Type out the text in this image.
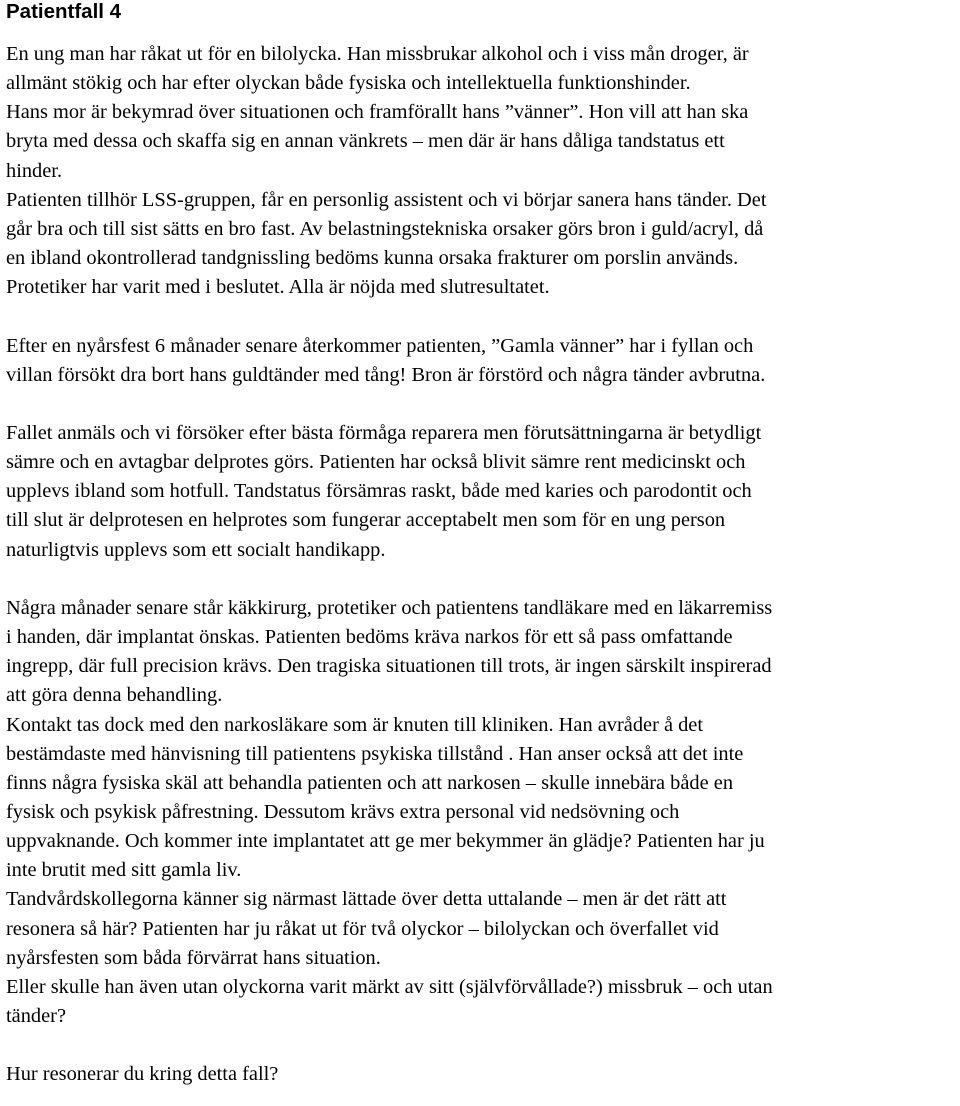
Patientfall 4
En ung man har råkat ut för en bilolycka. Han missbrukar alkohol och i viss mån droger, är
allmänt stökig och har efter olyckan både fysiska och intellektuella funktionshinder.
Hans mor är bekymrad över situationen och framförallt hans ”vänner”. Hon vill att han ska
bryta med dessa och skaffa sig en annan vänkrets – men där är hans dåliga tandstatus ett
hinder.
Patienten tillhör LSS-gruppen, får en personlig assistent och vi börjar sanera hans tänder. Det
går bra och till sist sätts en bro fast. Av belastningstekniska orsaker görs bron i guld/acryl, då
en ibland okontrollerad tandgnissling bedöms kunna orsaka frakturer om porslin används.
Protetiker har varit med i beslutet. Alla är nöjda med slutresultatet.
Efter en nyårsfest 6 månader senare återkommer patienten, ”Gamla vänner” har i fyllan och
villan försökt dra bort hans guldtänder med tång! Bron är förstörd och några tänder avbrutna.
Fallet anmäls och vi försöker efter bästa förmåga reparera men förutsättningarna är betydligt
sämre och en avtagbar delprotes görs. Patienten har också blivit sämre rent medicinskt och
upplevs ibland som hotfull. Tandstatus försämras raskt, både med karies och parodontit och
till slut är delprotesen en helprotes som fungerar acceptabelt men som för en ung person
naturligtvis upplevs som ett socialt handikapp.
Några månader senare står käkkirurg, protetiker och patientens tandläkare med en läkarremiss
i handen, där implantat önskas. Patienten bedöms kräva narkos för ett så pass omfattande
ingrepp, där full precision krävs. Den tragiska situationen till trots, är ingen särskilt inspirerad
att göra denna behandling.
Kontakt tas dock med den narkosläkare som är knuten till kliniken. Han avråder å det
bestämdaste med hänvisning till patientens psykiska tillstånd . Han anser också att det inte
finns några fysiska skäl att behandla patienten och att narkosen – skulle innebära både en
fysisk och psykisk påfrestning. Dessutom krävs extra personal vid nedsövning och
uppvaknande. Och kommer inte implantatet att ge mer bekymmer än glädje? Patienten har ju
inte brutit med sitt gamla liv.
Tandvårdskollegorna känner sig närmast lättade över detta uttalande – men är det rätt att
resonera så här? Patienten har ju råkat ut för två olyckor – bilolyckan och överfallet vid
nyårsfesten som båda förvärrat hans situation.
Eller skulle han även utan olyckorna varit märkt av sitt (självförvållade?) missbruk – och utan
tänder?
Hur resonerar du kring detta fall?
